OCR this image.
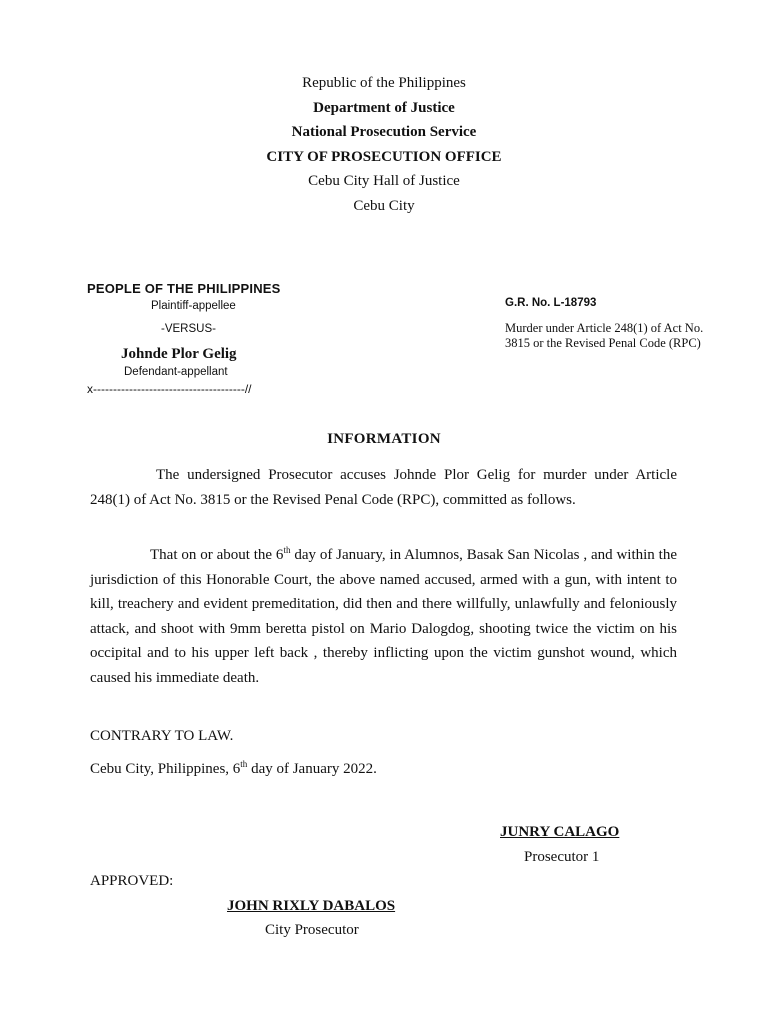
Republic of the Philippines
Department of Justice
National Prosecution Service
CITY OF PROSECUTION OFFICE
Cebu City Hall of Justice
Cebu City
PEOPLE OF THE PHILIPPINES
Plaintiff-appellee
-VERSUS-
Johnde Plor Gelig
Defendant-appellant
x--------------------------------------//
G.R. No. L-18793
Murder under Article 248(1) of Act No. 3815 or the Revised Penal Code (RPC)
INFORMATION

The undersigned Prosecutor accuses Johnde Plor Gelig for murder under Article 248(1) of Act No. 3815 or the Revised Penal Code (RPC), committed as follows.

That on or about the 6th day of January, in Alumnos, Basak San Nicolas , and within the jurisdiction of this Honorable Court, the above named accused, armed with a gun, with intent to kill, treachery and evident premeditation, did then and there willfully, unlawfully and feloniously attack, and shoot with 9mm beretta pistol on Mario Dalogdog, shooting twice the victim on his occipital and to his upper left back , thereby inflicting upon the victim gunshot wound, which caused his immediate death.

CONTRARY TO LAW.

Cebu City, Philippines, 6th day of January 2022.

JUNRY CALAGO
Prosecutor 1
APPROVED:
JOHN RIXLY DABALOS
City Prosecutor
